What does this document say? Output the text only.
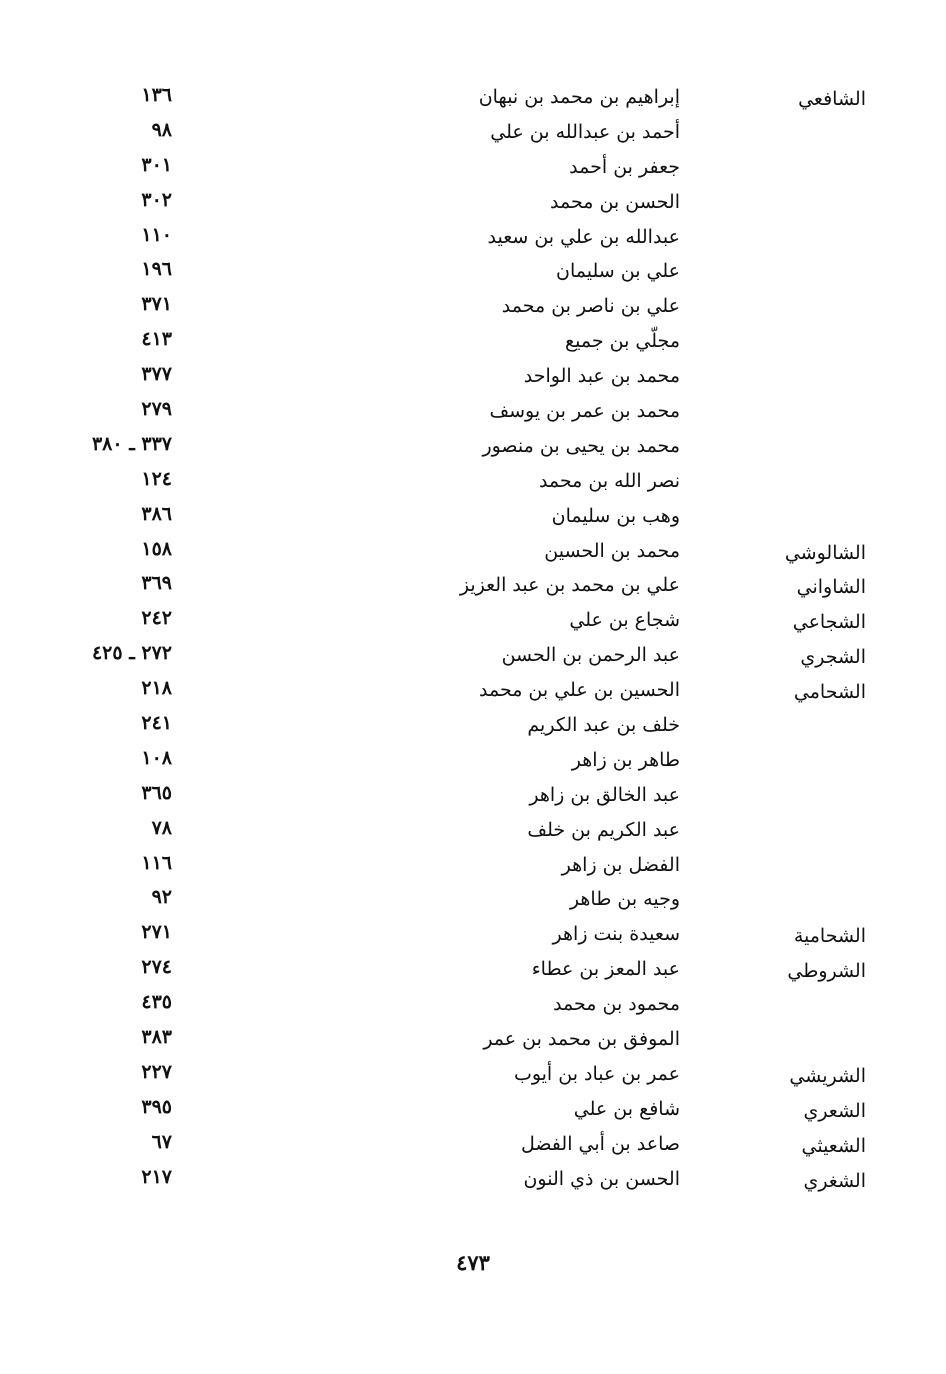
الشافعي
إبراهيم بن محمد بن نبهان
١٣٦
أحمد بن عبدالله بن علي
٩٨
جعفر بن أحمد
٣٠١
الحسن بن محمد
٣٠٢
عبدالله بن علي بن سعيد
١١٠
علي بن سليمان
١٩٦
علي بن ناصر بن محمد
٣٧١
مجلّي بن جميع
٤١٣
محمد بن عبد الواحد
٣٧٧
محمد بن عمر بن يوسف
٢٧٩
محمد بن يحيى بن منصور
٣٣٧ ـ ٣٨٠
نصر الله بن محمد
١٢٤
وهب بن سليمان
٣٨٦
الشالوشي
محمد بن الحسين
١٥٨
الشاواني
علي بن محمد بن عبد العزيز
٣٦٩
الشجاعي
شجاع بن علي
٢٤٢
الشجري
عبد الرحمن بن الحسن
٢٧٢ ـ ٤٢٥
الشحامي
الحسين بن علي بن محمد
٢١٨
خلف بن عبد الكريم
٢٤١
طاهر بن زاهر
١٠٨
عبد الخالق بن زاهر
٣٦٥
عبد الكريم بن خلف
٧٨
الفضل بن زاهر
١١٦
وجيه بن طاهر
٩٢
الشحامية
سعيدة بنت زاهر
٢٧١
الشروطي
عبد المعز بن عطاء
٢٧٤
محمود بن محمد
٤٣٥
الموفق بن محمد بن عمر
٣٨٣
الشريشي
عمر بن عباد بن أيوب
٢٢٧
الشعري
شافع بن علي
٣٩٥
الشعيثي
صاعد بن أبي الفضل
٦٧
الشغري
الحسن بن ذي النون
٢١٧
٤٧٣
